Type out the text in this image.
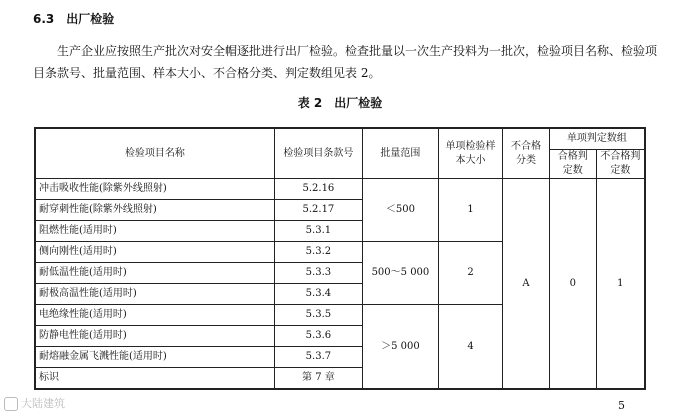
6.3 出厂检验
生产企业应按照生产批次对安全帽逐批进行出厂检验。检查批量以一次生产投料为一批次，检验项目名称、检验项目条款号、批量范围、样本大小、不合格分类、判定数组见表 2。
表 2　出厂检验
检验项目名称	检验项目条款号	批量范围	单项检验样本大小	不合格分类	单项判定数组	
					合格判定数	不合格判定数
冲击吸收性能(除紫外线照射)	5.2.16	＜500	1	A	0	1
耐穿刺性能(除紫外线照射)	5.2.17					
阻燃性能(适用时)	5.3.1					
侧向刚性(适用时)	5.3.2	500～5 000	2			
耐低温性能(适用时)	5.3.3					
耐极高温性能(适用时)	5.3.4					
电绝缘性能(适用时)	5.3.5	＞5 000	4			
防静电性能(适用时)	5.3.6					
耐熔融金属飞溅性能(适用时)	5.3.7					
标识	第 7 章					
大陆建筑	5
